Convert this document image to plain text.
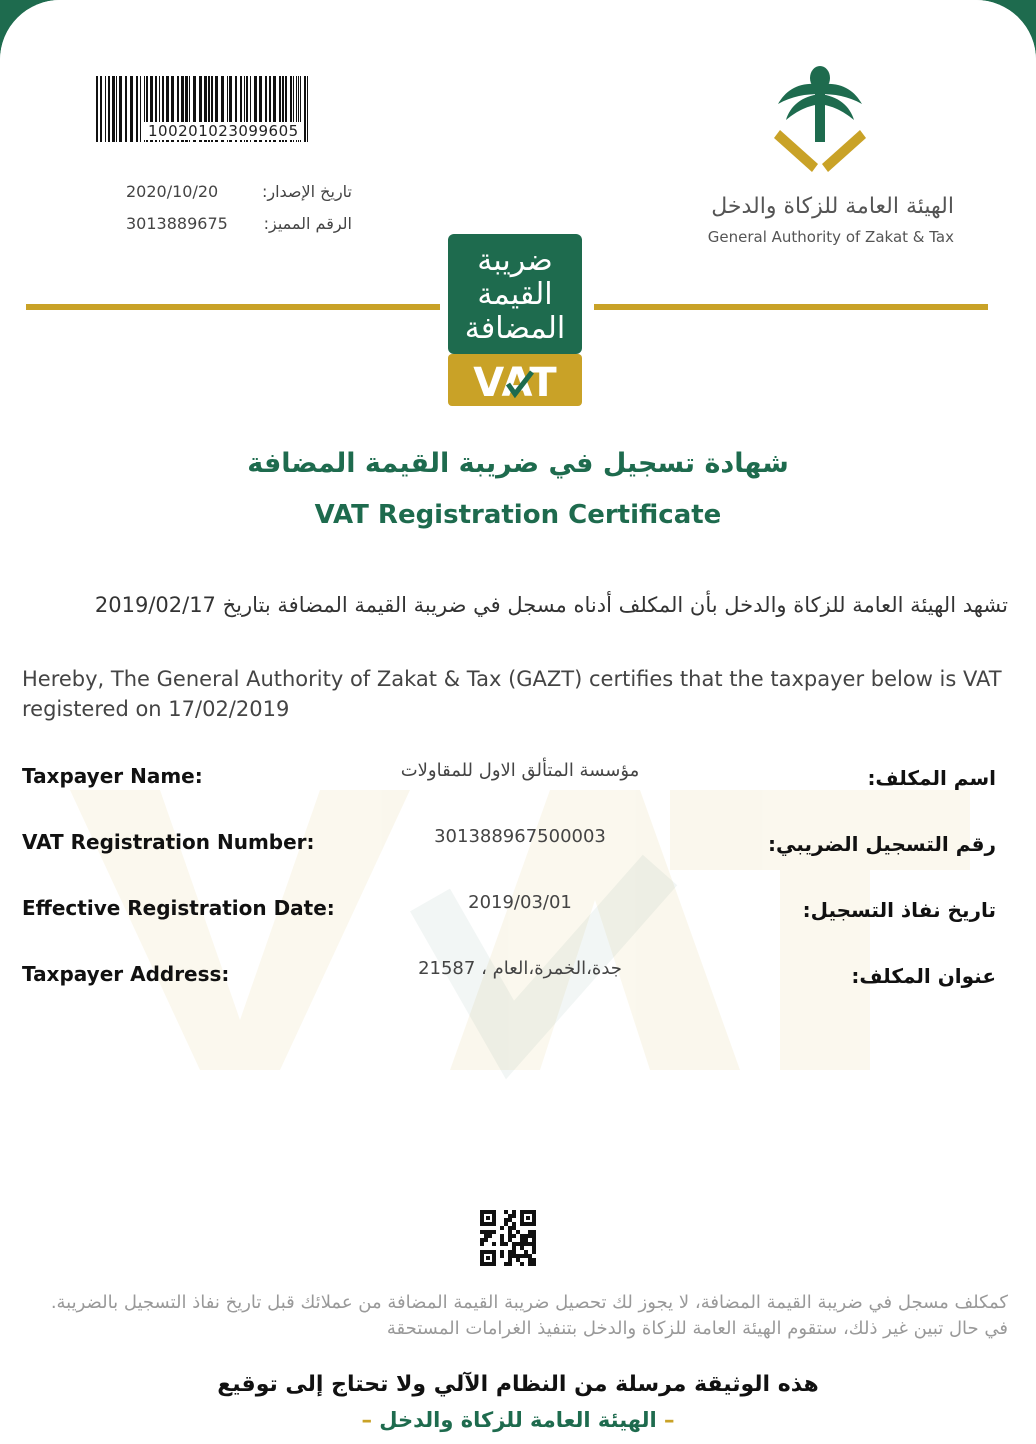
100201023099605
2020/10/20	تاريخ الإصدار:
3013889675	الرقم المميز:
الهيئة العامة للزكاة والدخل
General Authority of Zakat & Tax
ضريبة
القيمة
المضافة
VAT
شهادة تسجيل في ضريبة القيمة المضافة
VAT Registration Certificate
تشهد الهيئة العامة للزكاة والدخل بأن المكلف أدناه مسجل في ضريبة القيمة المضافة بتاريخ 2019/02/17
Hereby, The General Authority of Zakat & Tax (GAZT) certifies that the taxpayer below is VAT registered on 17/02/2019
Taxpayer Name:	مؤسسة المتألق الاول للمقاولات	اسم المكلف:
VAT Registration Number:	301388967500003	رقم التسجيل الضريبي:
Effective Registration Date:	2019/03/01	تاريخ نفاذ التسجيل:
Taxpayer Address:	جدة،الخمرة،العام ، 21587	عنوان المكلف:
كمكلف مسجل في ضريبة القيمة المضافة، لا يجوز لك تحصيل ضريبة القيمة المضافة من عملائك قبل تاريخ نفاذ التسجيل بالضريبة. في حال تبين غير ذلك، ستقوم الهيئة العامة للزكاة والدخل بتنفيذ الغرامات المستحقة
هذه الوثيقة مرسلة من النظام الآلي ولا تحتاج إلى توقيع
– الهيئة العامة للزكاة والدخل –
